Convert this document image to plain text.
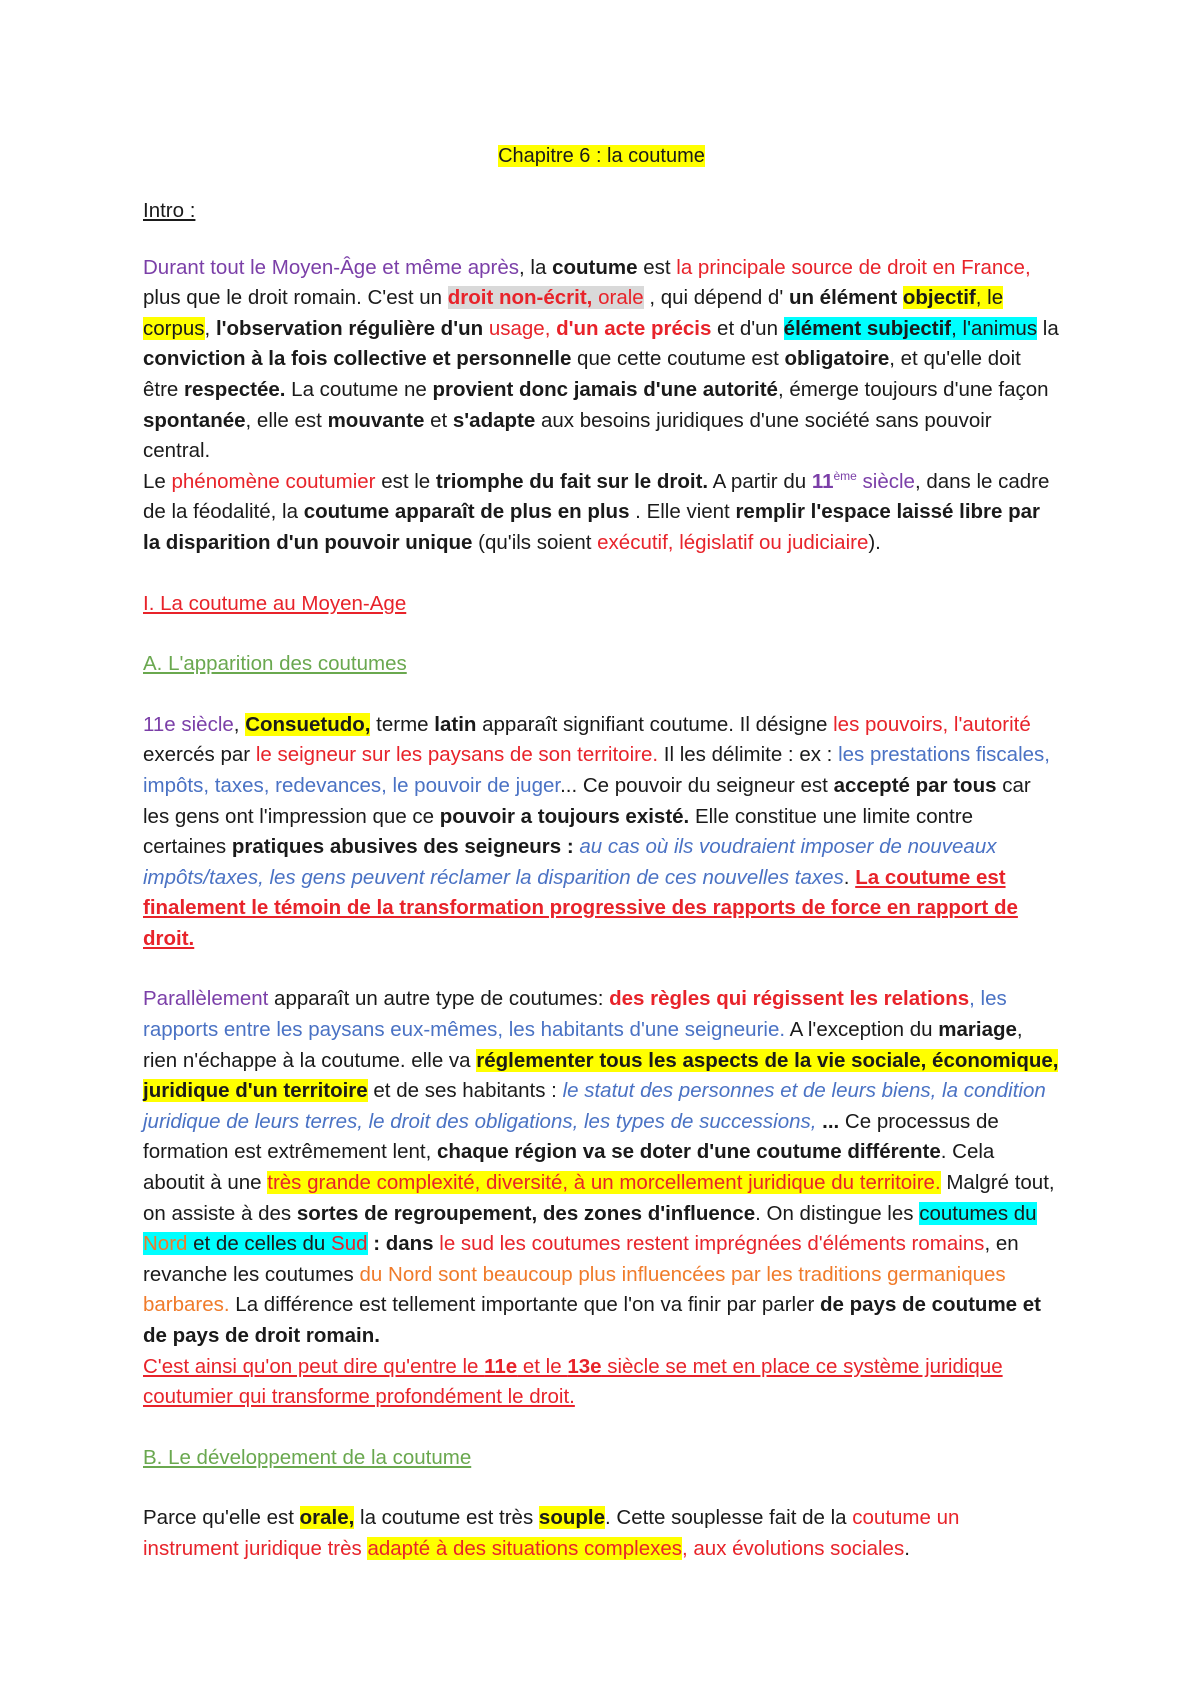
Chapitre 6 : la coutume

Intro :

Durant tout le Moyen-Âge et même après, la coutume est la principale source de droit en France, plus que le droit romain. C'est un droit non-écrit, orale , qui dépend d' un élément objectif, le corpus, l'observation régulière d'un usage, d'un acte précis et d'un élément subjectif, l'animus la conviction à la fois collective et personnelle que cette coutume est obligatoire, et qu'elle doit être respectée. La coutume ne provient donc jamais d'une autorité, émerge toujours d'une façon spontanée, elle est mouvante et s'adapte aux besoins juridiques d'une société sans pouvoir central.

Le phénomène coutumier est le triomphe du fait sur le droit. A partir du 11ème siècle, dans le cadre de la féodalité, la coutume apparaît de plus en plus . Elle vient remplir l'espace laissé libre par la disparition d'un pouvoir unique (qu'ils soient exécutif, législatif ou judiciaire).

I. La coutume au Moyen-Age

A. L'apparition des coutumes

11e siècle, Consuetudo, terme latin apparaît signifiant coutume. Il désigne les pouvoirs, l'autorité exercés par le seigneur sur les paysans de son territoire. Il les délimite : ex : les prestations fiscales, impôts, taxes, redevances, le pouvoir de juger... Ce pouvoir du seigneur est accepté par tous car les gens ont l'impression que ce pouvoir a toujours existé. Elle constitue une limite contre certaines pratiques abusives des seigneurs : au cas où ils voudraient imposer de nouveaux impôts/taxes, les gens peuvent réclamer la disparition de ces nouvelles taxes. La coutume est finalement le témoin de la transformation progressive des rapports de force en rapport de droit.

Parallèlement apparaît un autre type de coutumes: des règles qui régissent les relations, les rapports entre les paysans eux-mêmes, les habitants d'une seigneurie. A l'exception du mariage, rien n'échappe à la coutume. elle va réglementer tous les aspects de la vie sociale, économique, juridique d'un territoire et de ses habitants : le statut des personnes et de leurs biens, la condition juridique de leurs terres, le droit des obligations, les types de successions, ... Ce processus de formation est extrêmement lent, chaque région va se doter d'une coutume différente. Cela aboutit à une très grande complexité, diversité, à un morcellement juridique du territoire. Malgré tout, on assiste à des sortes de regroupement, des zones d'influence. On distingue les coutumes du Nord et de celles du Sud : dans le sud les coutumes restent imprégnées d'éléments romains, en revanche les coutumes du Nord sont beaucoup plus influencées par les traditions germaniques barbares. La différence est tellement importante que l'on va finir par parler de pays de coutume et de pays de droit romain.
C'est ainsi qu'on peut dire qu'entre le 11e et le 13e siècle se met en place ce système juridique coutumier qui transforme profondément le droit.

B. Le développement de la coutume

Parce qu'elle est orale, la coutume est très souple. Cette souplesse fait de la coutume un instrument juridique très adapté à des situations complexes, aux évolutions sociales.
